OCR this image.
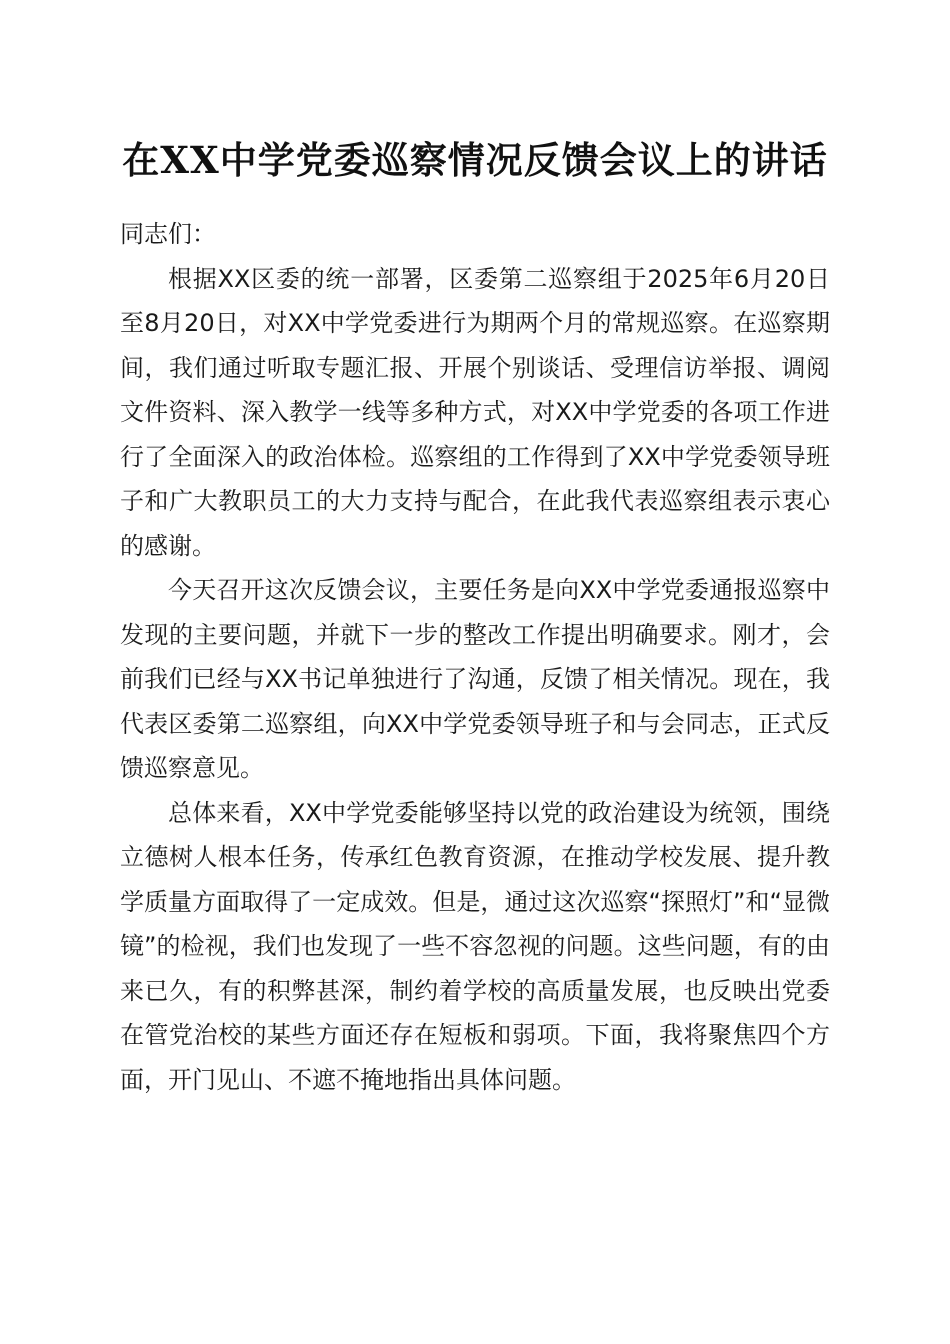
在XX中学党委巡察情况反馈会议上的讲话

同志们：

根据XX区委的统一部署，区委第二巡察组于2025年6月20日至8月20日，对XX中学党委进行为期两个月的常规巡察。在巡察期间，我们通过听取专题汇报、开展个别谈话、受理信访举报、调阅文件资料、深入教学一线等多种方式，对XX中学党委的各项工作进行了全面深入的政治体检。巡察组的工作得到了XX中学党委领导班子和广大教职员工的大力支持与配合，在此我代表巡察组表示衷心的感谢。

今天召开这次反馈会议，主要任务是向XX中学党委通报巡察中发现的主要问题，并就下一步的整改工作提出明确要求。刚才，会前我们已经与XX书记单独进行了沟通，反馈了相关情况。现在，我代表区委第二巡察组，向XX中学党委领导班子和与会同志，正式反馈巡察意见。

总体来看，XX中学党委能够坚持以党的政治建设为统领，围绕立德树人根本任务，传承红色教育资源，在推动学校发展、提升教学质量方面取得了一定成效。但是，通过这次巡察“探照灯”和“显微镜”的检视，我们也发现了一些不容忽视的问题。这些问题，有的由来已久，有的积弊甚深，制约着学校的高质量发展，也反映出党委在管党治校的某些方面还存在短板和弱项。下面，我将聚焦四个方面，开门见山、不遮不掩地指出具体问题。
